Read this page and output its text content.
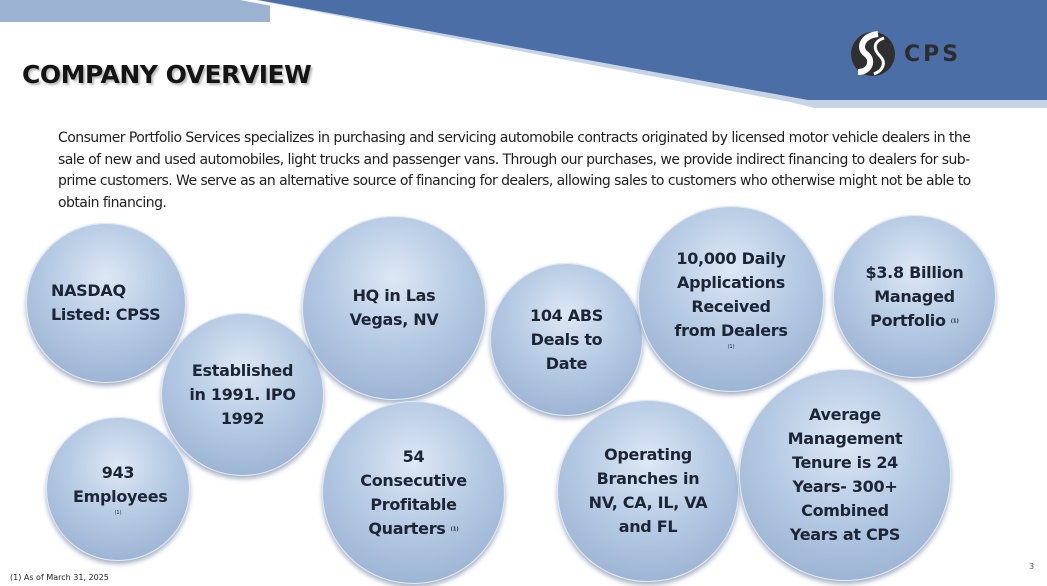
CPS
COMPANY OVERVIEW

Consumer Portfolio Services specializes in purchasing and servicing automobile contracts originated by licensed motor vehicle dealers in the sale of new and used automobiles, light trucks and passenger vans. Through our purchases, we provide indirect financing to dealers for sub-prime customers. We serve as an alternative source of financing for dealers, allowing sales to customers who otherwise might not be able to obtain financing.

NASDAQ Listed: CPSS
Established in 1991. IPO 1992
943 Employees
(1)
HQ in Las Vegas, NV
54 Consecutive Profitable Quarters (1)
104 ABS Deals to Date
10,000 Daily Applications Received from Dealers
(1)
Operating Branches in NV, CA, IL, VA and FL
$3.8 Billion Managed Portfolio (1)
Average Management Tenure is 24 Years- 300+ Combined Years at CPS

(1) As of March 31, 2025

3
